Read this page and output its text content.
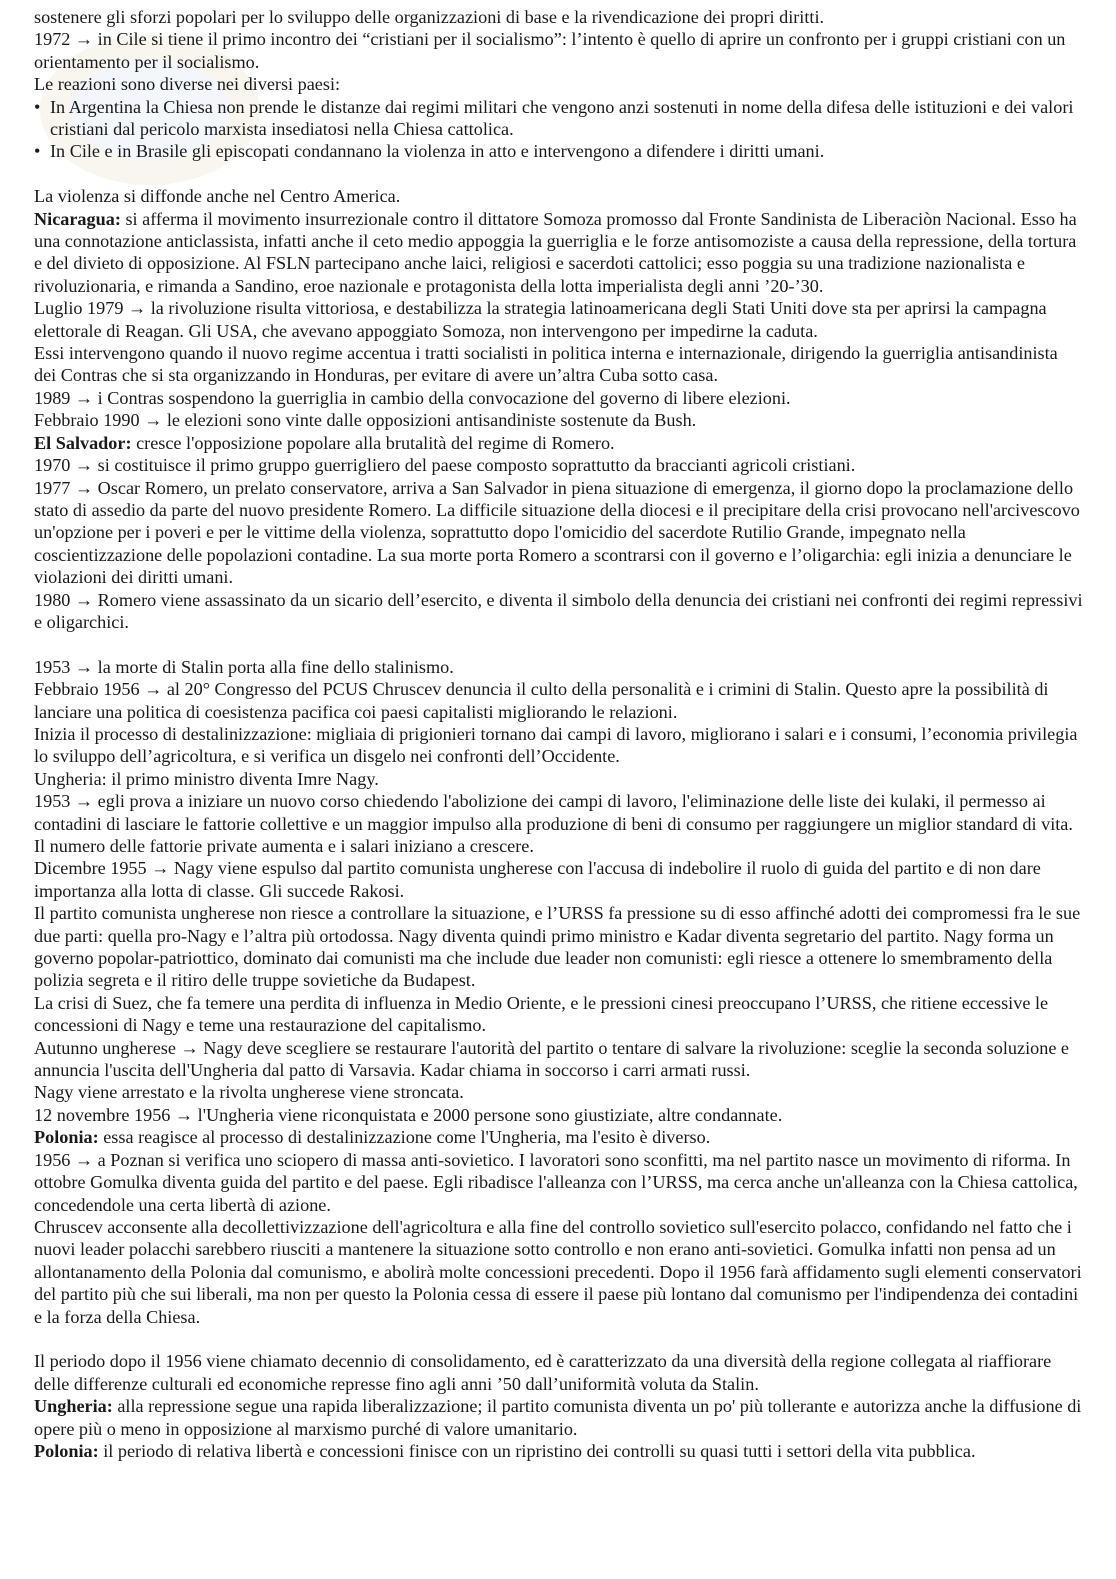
sostenere gli sforzi popolari per lo sviluppo delle organizzazioni di base e la rivendicazione dei propri diritti.

1972 → in Cile si tiene il primo incontro dei “cristiani per il socialismo”: l’intento è quello di aprire un confronto per i gruppi cristiani con un orientamento per il socialismo.

Le reazioni sono diverse nei diversi paesi:

• In Argentina la Chiesa non prende le distanze dai regimi militari che vengono anzi sostenuti in nome della difesa delle istituzioni e dei valori cristiani dal pericolo marxista insediatosi nella Chiesa cattolica.
• In Cile e in Brasile gli episcopati condannano la violenza in atto e intervengono a difendere i diritti umani.

La violenza si diffonde anche nel Centro America.

Nicaragua: si afferma il movimento insurrezionale contro il dittatore Somoza promosso dal Fronte Sandinista de Liberaciòn Nacional. Esso ha una connotazione anticlassista, infatti anche il ceto medio appoggia la guerriglia e le forze antisomoziste a causa della repressione, della tortura e del divieto di opposizione. Al FSLN partecipano anche laici, religiosi e sacerdoti cattolici; esso poggia su una tradizione nazionalista e rivoluzionaria, e rimanda a Sandino, eroe nazionale e protagonista della lotta imperialista degli anni ’20-’30.

Luglio 1979 → la rivoluzione risulta vittoriosa, e destabilizza la strategia latinoamericana degli Stati Uniti dove sta per aprirsi la campagna elettorale di Reagan. Gli USA, che avevano appoggiato Somoza, non intervengono per impedirne la caduta.

Essi intervengono quando il nuovo regime accentua i tratti socialisti in politica interna e internazionale, dirigendo la guerriglia antisandinista dei Contras che si sta organizzando in Honduras, per evitare di avere un’altra Cuba sotto casa.

1989 → i Contras sospendono la guerriglia in cambio della convocazione del governo di libere elezioni.

Febbraio 1990 → le elezioni sono vinte dalle opposizioni antisandiniste sostenute da Bush.

El Salvador: cresce l'opposizione popolare alla brutalità del regime di Romero.

1970 → si costituisce il primo gruppo guerrigliero del paese composto soprattutto da braccianti agricoli cristiani.

1977 → Oscar Romero, un prelato conservatore, arriva a San Salvador in piena situazione di emergenza, il giorno dopo la proclamazione dello stato di assedio da parte del nuovo presidente Romero. La difficile situazione della diocesi e il precipitare della crisi provocano nell'arcivescovo un'opzione per i poveri e per le vittime della violenza, soprattutto dopo l'omicidio del sacerdote Rutilio Grande, impegnato nella coscientizzazione delle popolazioni contadine. La sua morte porta Romero a scontrarsi con il governo e l’oligarchia: egli inizia a denunciare le violazioni dei diritti umani.

1980 → Romero viene assassinato da un sicario dell’esercito, e diventa il simbolo della denuncia dei cristiani nei confronti dei regimi repressivi e oligarchici.

1953 → la morte di Stalin porta alla fine dello stalinismo.

Febbraio 1956 → al 20° Congresso del PCUS Chruscev denuncia il culto della personalità e i crimini di Stalin. Questo apre la possibilità di lanciare una politica di coesistenza pacifica coi paesi capitalisti migliorando le relazioni.

Inizia il processo di destalinizzazione: migliaia di prigionieri tornano dai campi di lavoro, migliorano i salari e i consumi, l’economia privilegia lo sviluppo dell’agricoltura, e si verifica un disgelo nei confronti dell’Occidente.

Ungheria: il primo ministro diventa Imre Nagy.

1953 → egli prova a iniziare un nuovo corso chiedendo l'abolizione dei campi di lavoro, l'eliminazione delle liste dei kulaki, il permesso ai contadini di lasciare le fattorie collettive e un maggior impulso alla produzione di beni di consumo per raggiungere un miglior standard di vita. Il numero delle fattorie private aumenta e i salari iniziano a crescere.

Dicembre 1955 → Nagy viene espulso dal partito comunista ungherese con l'accusa di indebolire il ruolo di guida del partito e di non dare importanza alla lotta di classe. Gli succede Rakosi.

Il partito comunista ungherese non riesce a controllare la situazione, e l’URSS fa pressione su di esso affinché adotti dei compromessi fra le sue due parti: quella pro-Nagy e l’altra più ortodossa. Nagy diventa quindi primo ministro e Kadar diventa segretario del partito. Nagy forma un governo popolar-patriottico, dominato dai comunisti ma che include due leader non comunisti: egli riesce a ottenere lo smembramento della polizia segreta e il ritiro delle truppe sovietiche da Budapest.

La crisi di Suez, che fa temere una perdita di influenza in Medio Oriente, e le pressioni cinesi preoccupano l’URSS, che ritiene eccessive le concessioni di Nagy e teme una restaurazione del capitalismo.

Autunno ungherese → Nagy deve scegliere se restaurare l'autorità del partito o tentare di salvare la rivoluzione: sceglie la seconda soluzione e annuncia l'uscita dell'Ungheria dal patto di Varsavia. Kadar chiama in soccorso i carri armati russi.

Nagy viene arrestato e la rivolta ungherese viene stroncata.

12 novembre 1956 → l'Ungheria viene riconquistata e 2000 persone sono giustiziate, altre condannate.

Polonia: essa reagisce al processo di destalinizzazione come l'Ungheria, ma l'esito è diverso.

1956 → a Poznan si verifica uno sciopero di massa anti-sovietico. I lavoratori sono sconfitti, ma nel partito nasce un movimento di riforma. In ottobre Gomulka diventa guida del partito e del paese. Egli ribadisce l'alleanza con l’URSS, ma cerca anche un'alleanza con la Chiesa cattolica, concedendole una certa libertà di azione.

Chruscev acconsente alla decollettivizzazione dell'agricoltura e alla fine del controllo sovietico sull'esercito polacco, confidando nel fatto che i nuovi leader polacchi sarebbero riusciti a mantenere la situazione sotto controllo e non erano anti-sovietici. Gomulka infatti non pensa ad un allontanamento della Polonia dal comunismo, e abolirà molte concessioni precedenti. Dopo il 1956 farà affidamento sugli elementi conservatori del partito più che sui liberali, ma non per questo la Polonia cessa di essere il paese più lontano dal comunismo per l'indipendenza dei contadini e la forza della Chiesa.

Il periodo dopo il 1956 viene chiamato decennio di consolidamento, ed è caratterizzato da una diversità della regione collegata al riaffiorare delle differenze culturali ed economiche represse fino agli anni ’50 dall’uniformità voluta da Stalin.

Ungheria: alla repressione segue una rapida liberalizzazione; il partito comunista diventa un po' più tollerante e autorizza anche la diffusione di opere più o meno in opposizione al marxismo purché di valore umanitario.

Polonia: il periodo di relativa libertà e concessioni finisce con un ripristino dei controlli su quasi tutti i settori della vita pubblica.
